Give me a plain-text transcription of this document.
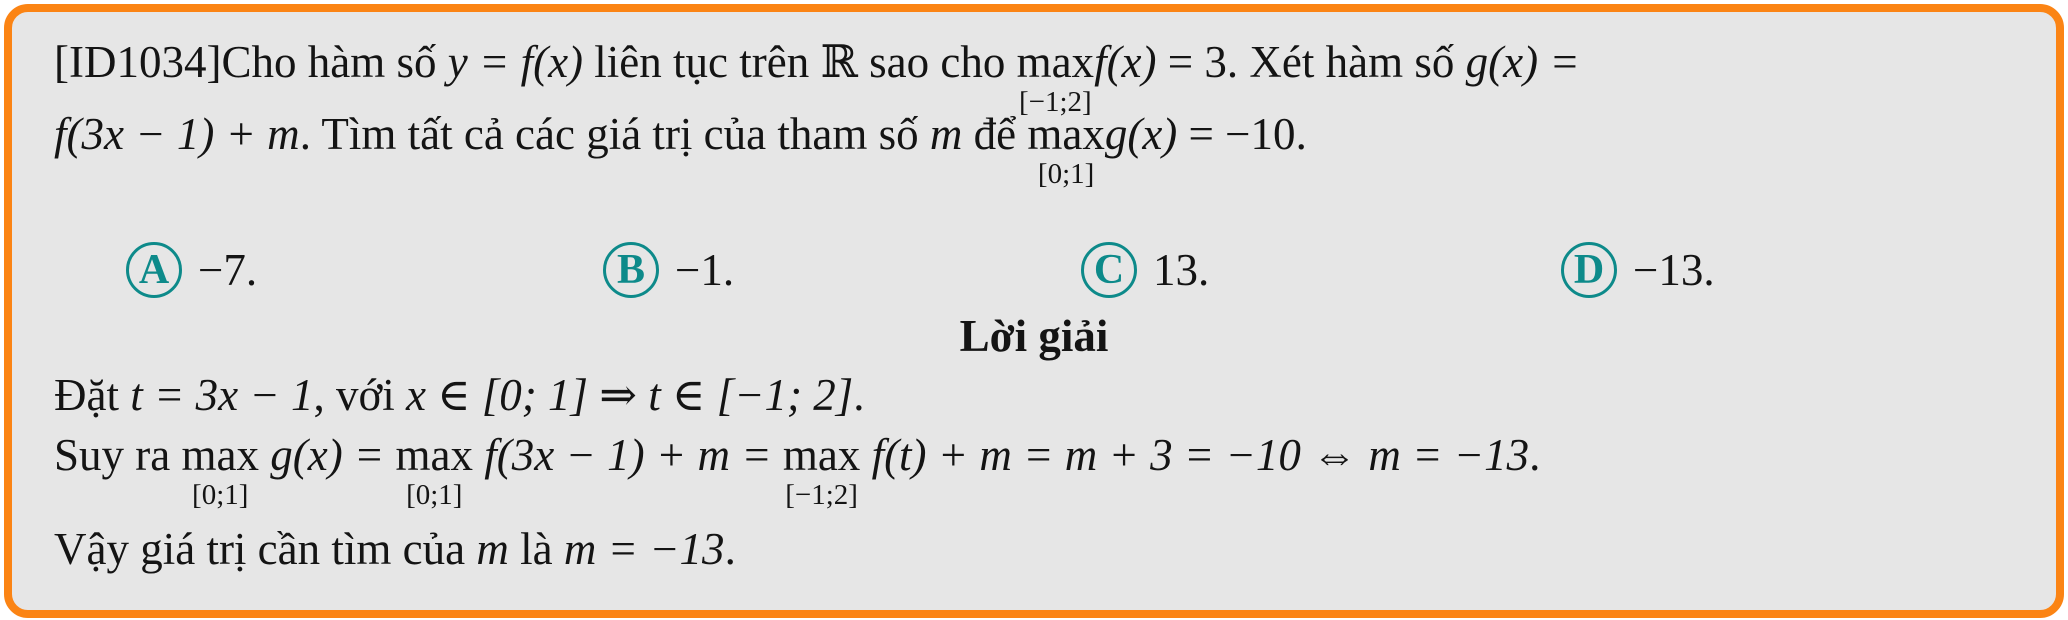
[ID1034]Cho hàm số y = f(x) liên tục trên ℝ sao cho max
[−1;2]
f(x) = 3. Xét hàm số g(x) =
f(3x − 1) + m. Tìm tất cả các giá trị của tham số m để max
[0;1]
g(x) = −10.
A −7.	B −1.	C 13.	D −13.
Lời giải
Đặt t = 3x − 1, với x ∈ [0; 1] ⇒ t ∈ [−1; 2].
Suy ra max
[0;1]
g(x) = max
[0;1]
f(3x − 1) + m = max
[−1;2]
f(t) + m = m + 3 = −10 ⇔ m = −13.
Vậy giá trị cần tìm của m là m = −13.
